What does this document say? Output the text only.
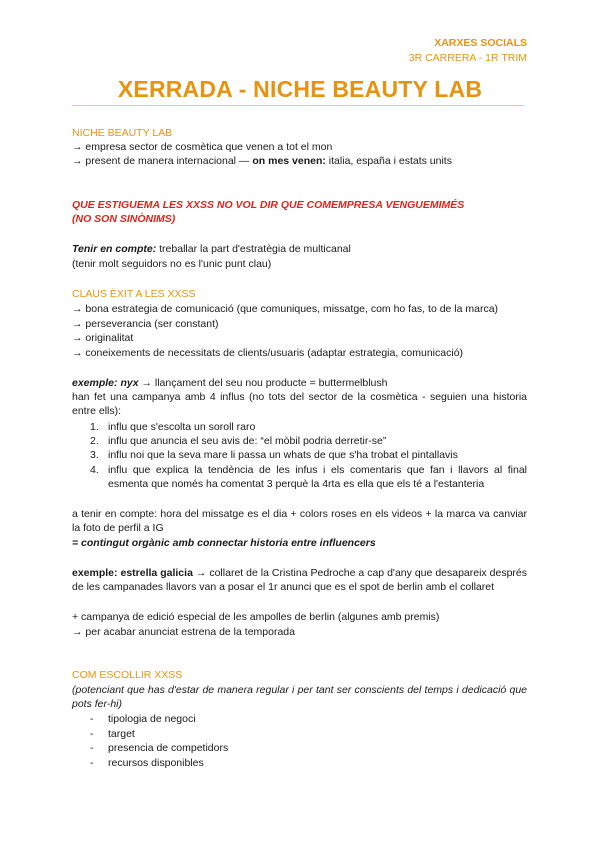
XARXES SOCIALS
3R CARRERA - 1R TRIM
XERRADA - NICHE BEAUTY LAB
NICHE BEAUTY LAB
→ empresa sector de cosmètica que venen a tot el mon
→ present de manera internacional — on mes venen: italia, españa i estats units
QUE ESTIGUEMA LES XXSS NO VOL DIR QUE COMEMPRESA VENGUEMIMÉS
(NO SON SINÒNIMS)
Tenir en compte: treballar la part d'estratègia de multicanal
(tenir molt seguidors no es l'unic punt clau)
CLAUS ÈXIT A LES XXSS
→ bona estrategia de comunicació (que comuniques, missatge, com ho fas, to de la marca)
→ perseverancia (ser constant)
→ originalitat
→ coneixements de necessitats de clients/usuaris (adaptar estrategia, comunicació)
exemple: nyx → llançament del seu nou producte = buttermelblush
han fet una campanya amb 4 influs (no tots del sector de la cosmètica - seguien una historia entre ells):
1. influ que s'escolta un soroll raro
2. influ que anuncia el seu avis de: “el mòbil podria derretir-se”
3. influ noi que la seva mare li passa un whats de que s'ha trobat el pintallavis
4. influ que explica la tendència de les infus i els comentaris que fan i llavors al final esmenta que només ha comentat 3 perquè la 4rta es ella que els té a l'estanteria
a tenir en compte: hora del missatge es el dia + colors roses en els videos + la marca va canviar la foto de perfil a IG
= contingut orgànic amb connectar historia entre influencers
exemple: estrella galicia → collaret de la Cristina Pedroche a cap d'any que desapareix després de les campanades llavors van a posar el 1r anunci que es el spot de berlin amb el collaret
+ campanya de edició especial de les ampolles de berlin (algunes amb premis)
→ per acabar anunciat estrena de la temporada
COM ESCOLLIR XXSS
(potenciant que has d'estar de manera regular i per tant ser conscients del temps i dedicació que pots fer-hi)
- tipologia de negoci
- target
- presencia de competidors
- recursos disponibles
